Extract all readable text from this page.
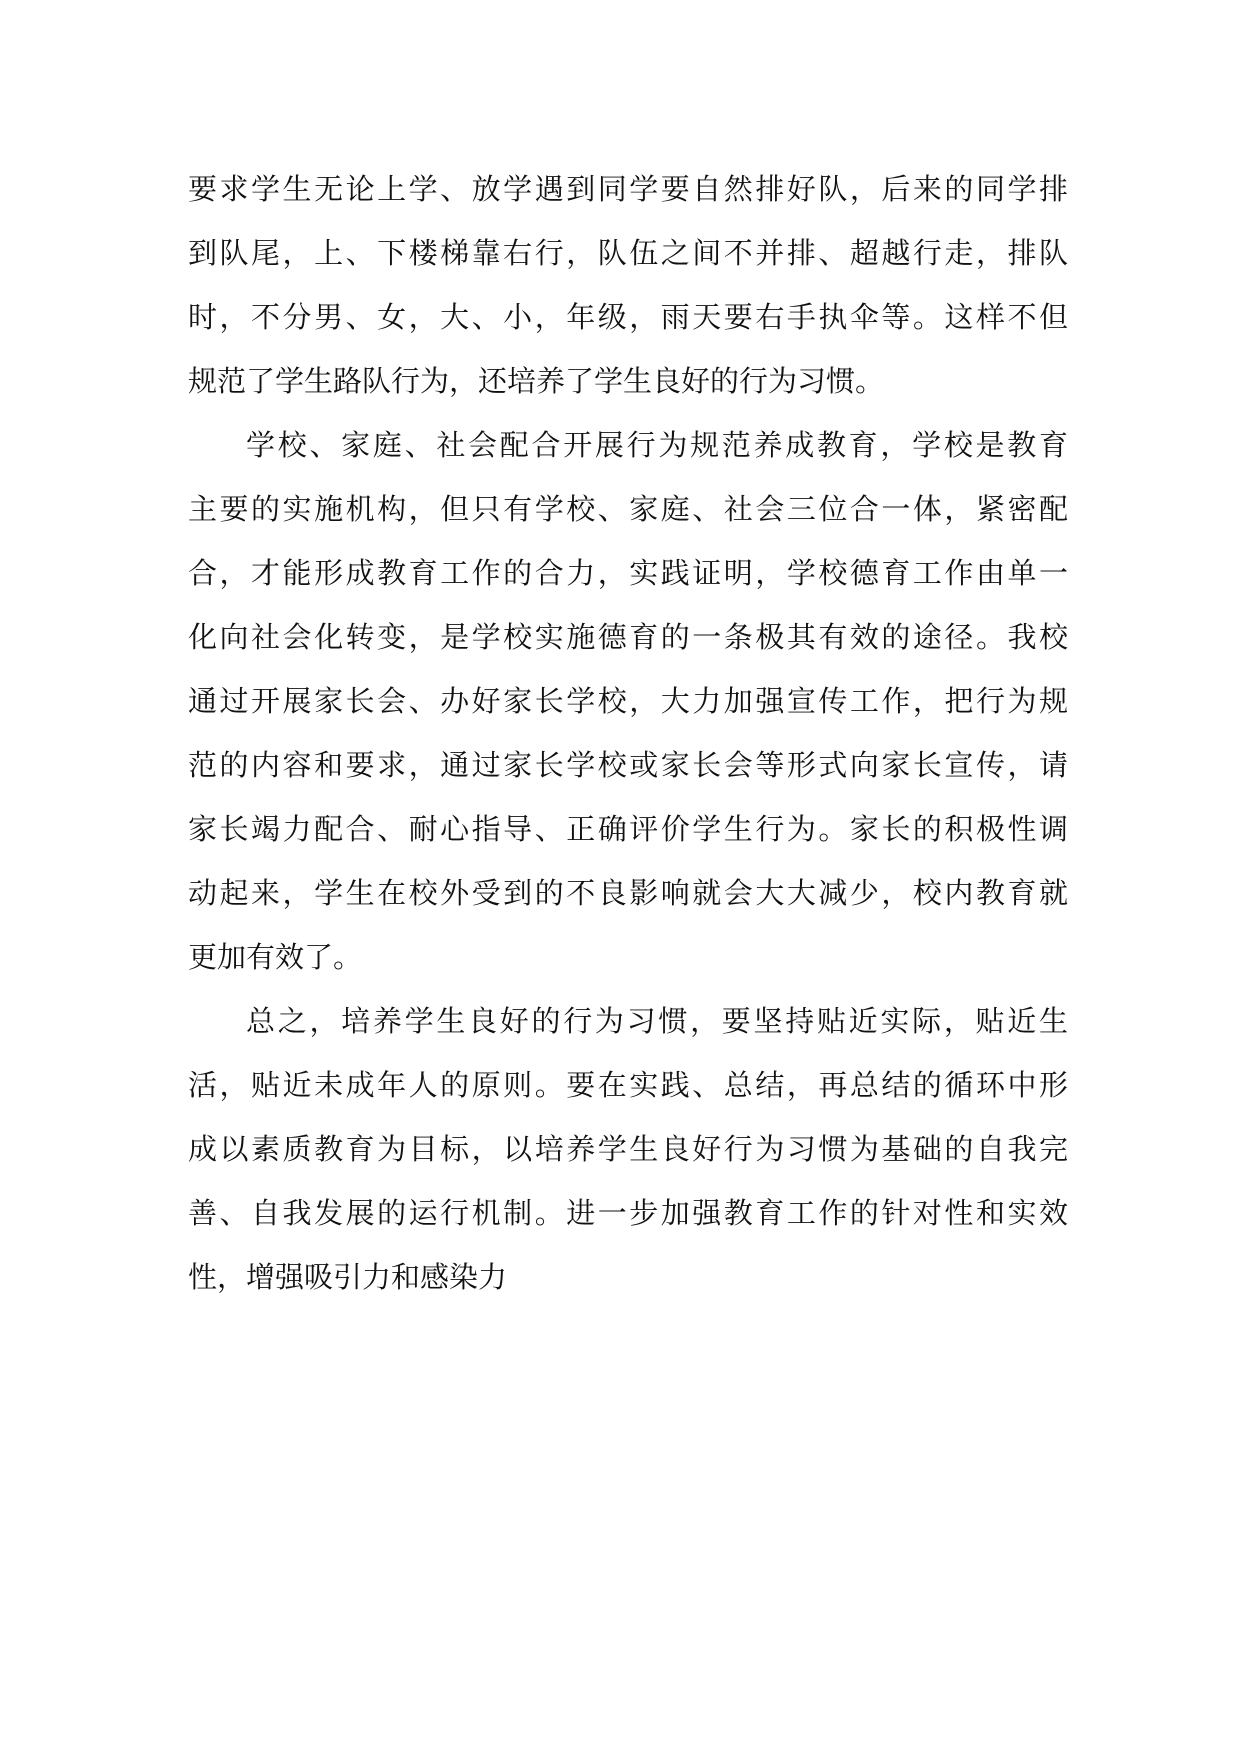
要求学生无论上学、放学遇到同学要自然排好队，后来的同学排
到队尾，上、下楼梯靠右行，队伍之间不并排、超越行走，排队
时，不分男、女，大、小，年级，雨天要右手执伞等。这样不但
规范了学生路队行为，还培养了学生良好的行为习惯。
学校、家庭、社会配合开展行为规范养成教育，学校是教育
主要的实施机构，但只有学校、家庭、社会三位合一体，紧密配
合，才能形成教育工作的合力，实践证明，学校德育工作由单一
化向社会化转变，是学校实施德育的一条极其有效的途径。我校
通过开展家长会、办好家长学校，大力加强宣传工作，把行为规
范的内容和要求，通过家长学校或家长会等形式向家长宣传，请
家长竭力配合、耐心指导、正确评价学生行为。家长的积极性调
动起来，学生在校外受到的不良影响就会大大减少，校内教育就
更加有效了。
总之，培养学生良好的行为习惯，要坚持贴近实际，贴近生
活，贴近未成年人的原则。要在实践、总结，再总结的循环中形
成以素质教育为目标，以培养学生良好行为习惯为基础的自我完
善、自我发展的运行机制。进一步加强教育工作的针对性和实效
性，增强吸引力和感染力
